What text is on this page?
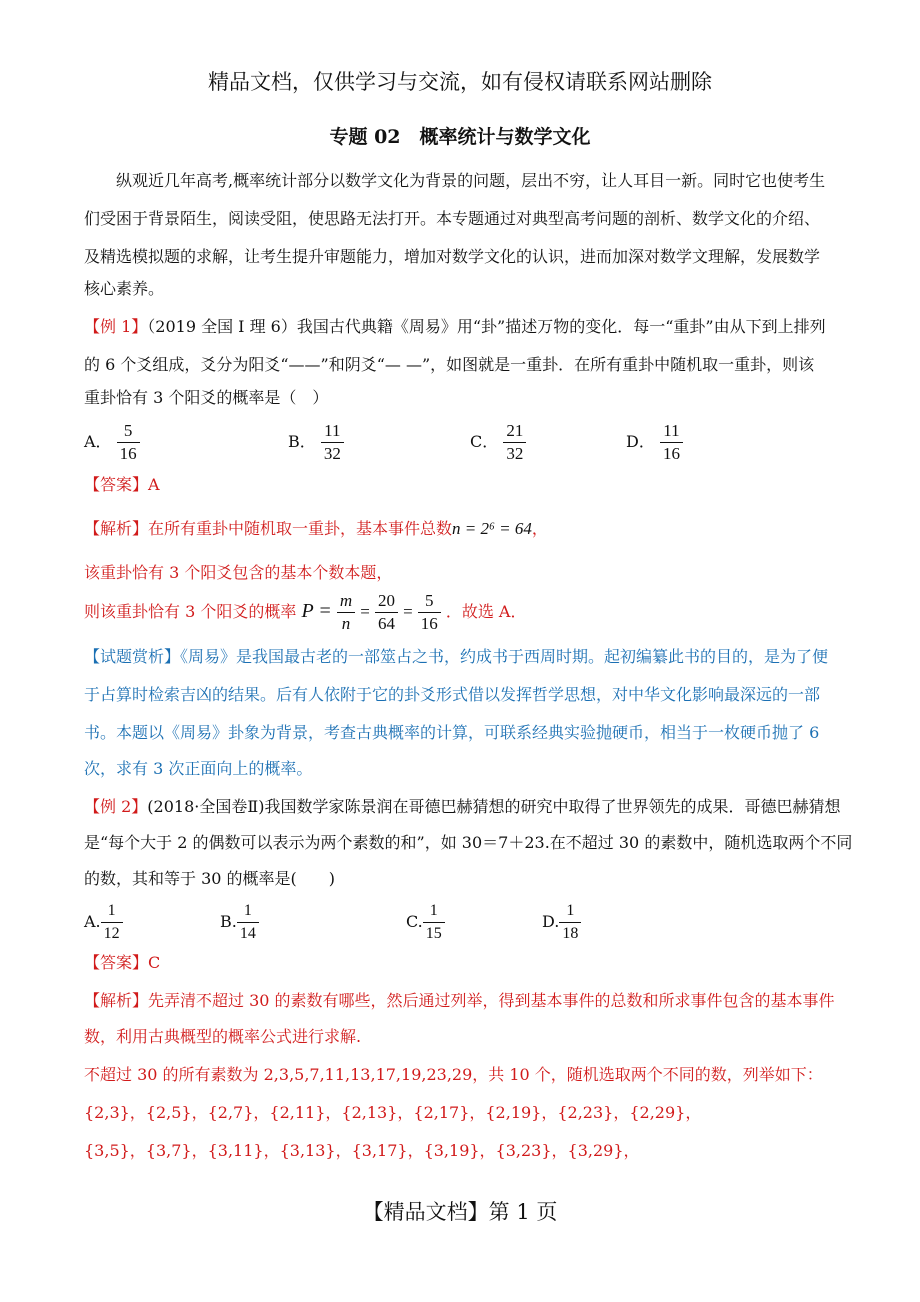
精品文档，仅供学习与交流，如有侵权请联系网站删除
专题 02　概率统计与数学文化
纵观近几年高考,概率统计部分以数学文化为背景的问题，层出不穷，让人耳目一新。同时它也使考生
们受困于背景陌生，阅读受阻，使思路无法打开。本专题通过对典型高考问题的剖析、数学文化的介绍、
及精选模拟题的求解，让考生提升审题能力，增加对数学文化的认识，进而加深对数学文理解，发展数学
核心素养。
【例 1】（2019 全国 I 理 6）我国古代典籍《周易》用“卦”描述万物的变化．每一“重卦”由从下到上排列
的 6 个爻组成，爻分为阳爻“——”和阴爻“— —”，如图就是一重卦．在所有重卦中随机取一重卦，则该
重卦恰有 3 个阳爻的概率是（　）
A． $\frac{5}{16}$	B． $\frac{11}{32}$	C． $\frac{21}{32}$	D． $\frac{11}{16}$
【答案】A
【解析】在所有重卦中随机取一重卦，基本事件总数n = 2⁶ = 64，
该重卦恰有 3 个阳爻包含的基本个数本题，
则该重卦恰有 3 个阳爻的概率 $P = \frac{m}{n} = \frac{20}{64} = \frac{5}{16}$ ．故选 A．
【试题赏析】《周易》是我国最古老的一部筮占之书，约成书于西周时期。起初编纂此书的目的，是为了便
于占算时检索吉凶的结果。后有人依附于它的卦爻形式借以发挥哲学思想，对中华文化影响最深远的一部
书。本题以《周易》卦象为背景，考查古典概率的计算，可联系经典实验抛硬币，相当于一枚硬币抛了 6
次，求有 3 次正面向上的概率。
【例 2】(2018·全国卷Ⅱ)我国数学家陈景润在哥德巴赫猜想的研究中取得了世界领先的成果．哥德巴赫猜想
是“每个大于 2 的偶数可以表示为两个素数的和”，如 30＝7＋23.在不超过 30 的素数中，随机选取两个不同
的数，其和等于 30 的概率是(　　)
A. $\frac{1}{12}$	B. $\frac{1}{14}$	C. $\frac{1}{15}$	D. $\frac{1}{18}$
【答案】C
【解析】先弄清不超过 30 的素数有哪些，然后通过列举，得到基本事件的总数和所求事件包含的基本事件
数，利用古典概型的概率公式进行求解.
不超过 30 的所有素数为 2,3,5,7,11,13,17,19,23,29，共 10 个，随机选取两个不同的数，列举如下：
{2,3}，{2,5}，{2,7}，{2,11}，{2,13}，{2,17}，{2,19}，{2,23}，{2,29}，
{3,5}，{3,7}，{3,11}，{3,13}，{3,17}，{3,19}，{3,23}，{3,29}，
【精品文档】第 1 页
